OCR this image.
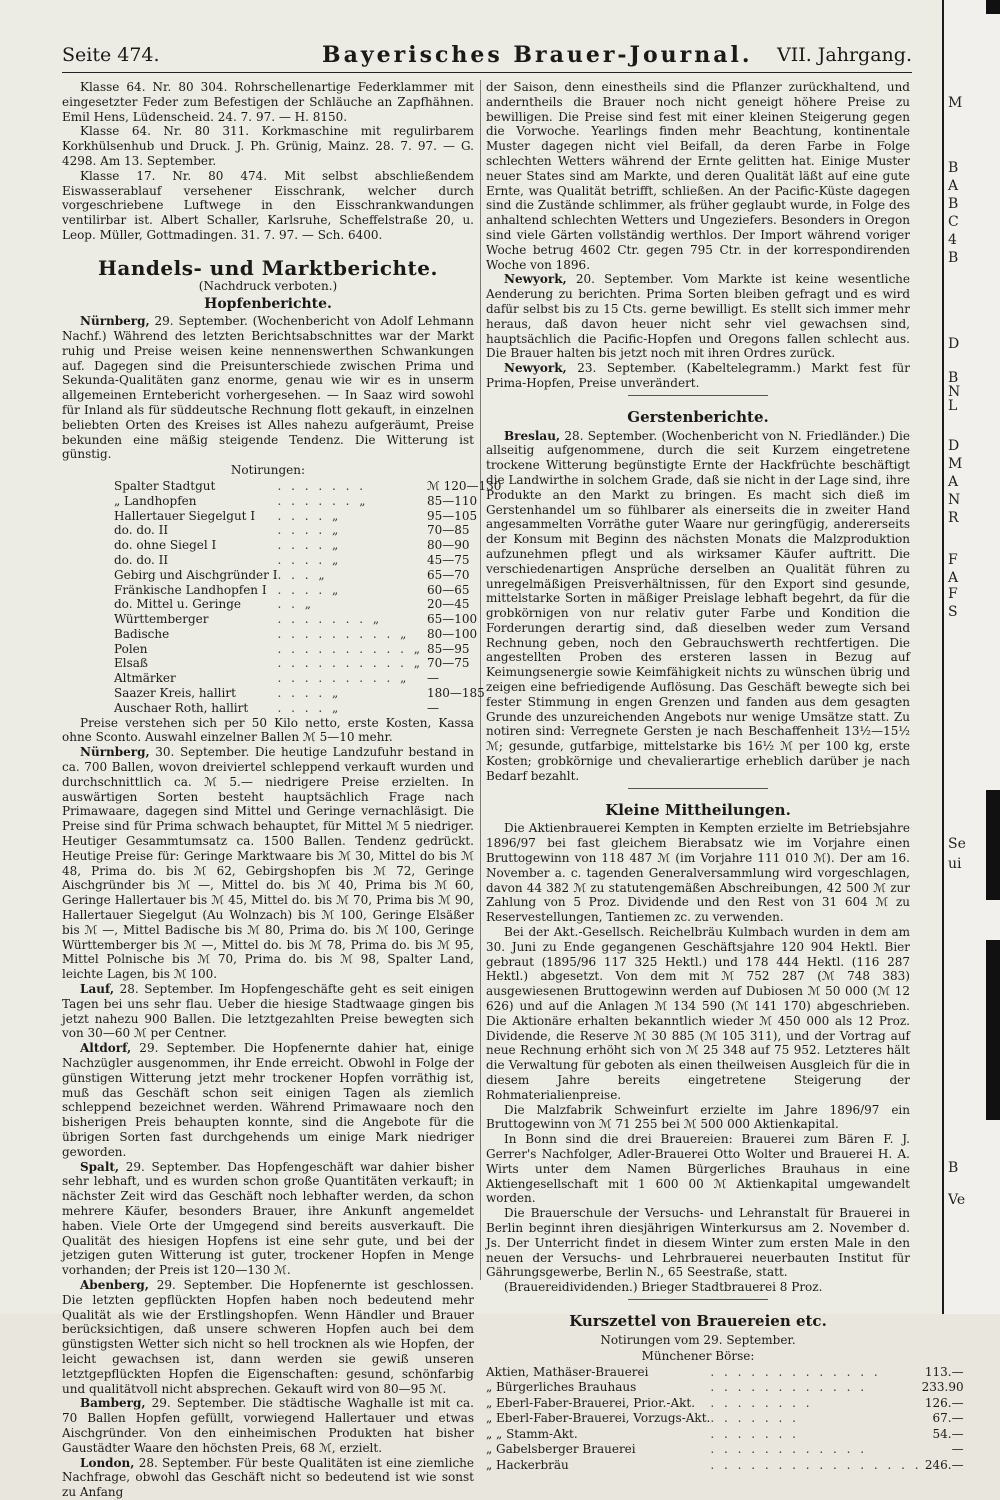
Seite 474.	Bayerisches Brauer-Journal. VII. Jahrgang.

Klasse 64. Nr. 80 304. Rohrschellenartige Federklammer mit eingesetzter Feder zum Befestigen der Schläuche an Zapfhähnen. Emil Hens, Lüdenscheid. 24. 7. 97. — H. 8150.

Klasse 64. Nr. 80 311. Korkmaschine mit regulirbarem Korkhülsenhub und Druck. J. Ph. Grünig, Mainz. 28. 7. 97. — G. 4298. Am 13. September.

Klasse 17. Nr. 80 474. Mit selbst abschließendem Eiswasserablauf versehener Eisschrank, welcher durch vorgeschriebene Luftwege in den Eisschrankwandungen ventilirbar ist. Albert Schaller, Karlsruhe, Scheffelstraße 20, u. Leop. Müller, Gottmadingen. 31. 7. 97. — Sch. 6400.

Handels- und Marktberichte.
(Nachdruck verboten.)
Hopfenberichte.

Nürnberg, 29. September. (Wochenbericht von Adolf Lehmann Nachf.) Während des letzten Berichtsabschnittes war der Markt ruhig und Preise weisen keine nennenswerthen Schwankungen auf. Dagegen sind die Preisunterschiede zwischen Prima und Sekunda-Qualitäten ganz enorme, genau wie wir es in unserm allgemeinen Erntebericht vorhergesehen. — In Saaz wird sowohl für Inland als für süddeutsche Rechnung flott gekauft, in einzelnen beliebten Orten des Kreises ist Alles nahezu aufgeräumt, Preise bekunden eine mäßig steigende Tendenz. Die Witterung ist günstig.

Notirungen:
Spalter Stadtgut	. . . . . . .	ℳ 120—130
„ Landhopfen	. . . . . . „	85—110
Hallertauer Siegelgut I	. . . . „	95—105
do. do. II	. . . . „	70—85
do. ohne Siegel I	. . . . „	80—90
do. do. II	. . . . „	45—75
Gebirg und Aischgründer I	. . . „	65—70
Fränkische Landhopfen I	. . . . „	60—65
do. Mittel u. Geringe	. . „	20—45
Württemberger	. . . . . . . „	65—100
Badische	. . . . . . . . . „	80—100
Polen	. . . . . . . . . . „	85—95
Elsaß	. . . . . . . . . . „	70—75
Altmärker	. . . . . . . . . „	—
Saazer Kreis, hallirt	. . . . „	180—185
Auschaer Roth, hallirt	. . . . „	—

Preise verstehen sich per 50 Kilo netto, erste Kosten, Kassa ohne Sconto. Auswahl einzelner Ballen ℳ 5—10 mehr.

Nürnberg, 30. September. Die heutige Landzufuhr bestand in ca. 700 Ballen, wovon dreiviertel schleppend verkauft wurden und durchschnittlich ca. ℳ 5.— niedrigere Preise erzielten. In auswärtigen Sorten besteht hauptsächlich Frage nach Primawaare, dagegen sind Mittel und Geringe vernachläsigt. Die Preise sind für Prima schwach behauptet, für Mittel ℳ 5 niedriger. Heutiger Gesammtumsatz ca. 1500 Ballen. Tendenz gedrückt. Heutige Preise für: Geringe Marktwaare bis ℳ 30, Mittel do bis ℳ 48, Prima do. bis ℳ 62, Gebirgshopfen bis ℳ 72, Geringe Aischgründer bis ℳ —, Mittel do. bis ℳ 40, Prima bis ℳ 60, Geringe Hallertauer bis ℳ 45, Mittel do. bis ℳ 70, Prima bis ℳ 90, Hallertauer Siegelgut (Au Wolnzach) bis ℳ 100, Geringe Elsäßer bis ℳ —, Mittel Badische bis ℳ 80, Prima do. bis ℳ 100, Geringe Württemberger bis ℳ —, Mittel do. bis ℳ 78, Prima do. bis ℳ 95, Mittel Polnische bis ℳ 70, Prima do. bis ℳ 98, Spalter Land, leichte Lagen, bis ℳ 100.

Lauf, 28. September. Im Hopfengeschäfte geht es seit einigen Tagen bei uns sehr flau. Ueber die hiesige Stadtwaage gingen bis jetzt nahezu 900 Ballen. Die letztgezahlten Preise bewegten sich von 30—60 ℳ per Centner.

Altdorf, 29. September. Die Hopfenernte dahier hat, einige Nachzügler ausgenommen, ihr Ende erreicht. Obwohl in Folge der günstigen Witterung jetzt mehr trockener Hopfen vorräthig ist, muß das Geschäft schon seit einigen Tagen als ziemlich schleppend bezeichnet werden. Während Primawaare noch den bisherigen Preis behaupten konnte, sind die Angebote für die übrigen Sorten fast durchgehends um einige Mark niedriger geworden.

Spalt, 29. September. Das Hopfengeschäft war dahier bisher sehr lebhaft, und es wurden schon große Quantitäten verkauft; in nächster Zeit wird das Geschäft noch lebhafter werden, da schon mehrere Käufer, besonders Brauer, ihre Ankunft angemeldet haben. Viele Orte der Umgegend sind bereits ausverkauft. Die Qualität des hiesigen Hopfens ist eine sehr gute, und bei der jetzigen guten Witterung ist guter, trockener Hopfen in Menge vorhanden; der Preis ist 120—130 ℳ.

Abenberg, 29. September. Die Hopfenernte ist geschlossen. Die letzten gepflückten Hopfen haben noch bedeutend mehr Qualität als wie der Erstlingshopfen. Wenn Händler und Brauer berücksichtigen, daß unsere schweren Hopfen auch bei dem günstigsten Wetter sich nicht so hell trocknen als wie Hopfen, der leicht gewachsen ist, dann werden sie gewiß unseren letztgepflückten Hopfen die Eigenschaften: gesund, schönfarbig und qualitätvoll nicht absprechen. Gekauft wird von 80—95 ℳ.

Bamberg, 29. September. Die städtische Waghalle ist mit ca. 70 Ballen Hopfen gefüllt, vorwiegend Hallertauer und etwas Aischgründer. Von den einheimischen Produkten hat bisher Gaustädter Waare den höchsten Preis, 68 ℳ, erzielt.

London, 28. September. Für beste Qualitäten ist eine ziemliche Nachfrage, obwohl das Geschäft nicht so bedeutend ist wie sonst zu Anfang

der Saison, denn einestheils sind die Pflanzer zurückhaltend, und anderntheils die Brauer noch nicht geneigt höhere Preise zu bewilligen. Die Preise sind fest mit einer kleinen Steigerung gegen die Vorwoche. Yearlings finden mehr Beachtung, kontinentale Muster dagegen nicht viel Beifall, da deren Farbe in Folge schlechten Wetters während der Ernte gelitten hat. Einige Muster neuer States sind am Markte, und deren Qualität läßt auf eine gute Ernte, was Qualität betrifft, schließen. An der Pacific-Küste dagegen sind die Zustände schlimmer, als früher geglaubt wurde, in Folge des anhaltend schlechten Wetters und Ungeziefers. Besonders in Oregon sind viele Gärten vollständig werthlos. Der Import während voriger Woche betrug 4602 Ctr. gegen 795 Ctr. in der korrespondirenden Woche von 1896.

Newyork, 20. September. Vom Markte ist keine wesentliche Aenderung zu berichten. Prima Sorten bleiben gefragt und es wird dafür selbst bis zu 15 Cts. gerne bewilligt. Es stellt sich immer mehr heraus, daß davon heuer nicht sehr viel gewachsen sind, hauptsächlich die Pacific-Hopfen und Oregons fallen schlecht aus. Die Brauer halten bis jetzt noch mit ihren Ordres zurück.

Newyork, 23. September. (Kabeltelegramm.) Markt fest für Prima-Hopfen, Preise unverändert.

Gerstenberichte.

Breslau, 28. September. (Wochenbericht von N. Friedländer.) Die allseitig aufgenommene, durch die seit Kurzem eingetretene trockene Witterung begünstigte Ernte der Hackfrüchte beschäftigt die Landwirthe in solchem Grade, daß sie nicht in der Lage sind, ihre Produkte an den Markt zu bringen. Es macht sich dieß im Gerstenhandel um so fühlbarer als einerseits die in zweiter Hand angesammelten Vorräthe guter Waare nur geringfügig, andererseits der Konsum mit Beginn des nächsten Monats die Malzproduktion aufzunehmen pflegt und als wirksamer Käufer auftritt. Die verschiedenartigen Ansprüche derselben an Qualität führen zu unregelmäßigen Preisverhältnissen, für den Export sind gesunde, mittelstarke Sorten in mäßiger Preislage lebhaft begehrt, da für die grobkörnigen von nur relativ guter Farbe und Kondition die Forderungen derartig sind, daß dieselben weder zum Versand Rechnung geben, noch den Gebrauchswerth rechtfertigen. Die angestellten Proben des ersteren lassen in Bezug auf Keimungsenergie sowie Keimfähigkeit nichts zu wünschen übrig und zeigen eine befriedigende Auflösung. Das Geschäft bewegte sich bei fester Stimmung in engen Grenzen und fanden aus dem gesagten Grunde des unzureichenden Angebots nur wenige Umsätze statt. Zu notiren sind: Verregnete Gersten je nach Beschaffenheit 13½—15½ ℳ; gesunde, gutfarbige, mittelstarke bis 16½ ℳ per 100 kg, erste Kosten; grobkörnige und chevalierartige erheblich darüber je nach Bedarf bezahlt.

Kleine Mittheilungen.

Die Aktienbrauerei Kempten in Kempten erzielte im Betriebsjahre 1896/97 bei fast gleichem Bierabsatz wie im Vorjahre einen Bruttogewinn von 118 487 ℳ (im Vorjahre 111 010 ℳ). Der am 16. November a. c. tagenden Generalversammlung wird vorgeschlagen, davon 44 382 ℳ zu statutengemäßen Abschreibungen, 42 500 ℳ zur Zahlung von 5 Proz. Dividende und den Rest von 31 604 ℳ zu Reservestellungen, Tantiemen zc. zu verwenden.

Bei der Akt.-Gesellsch. Reichelbräu Kulmbach wurden in dem am 30. Juni zu Ende gegangenen Geschäftsjahre 120 904 Hektl. Bier gebraut (1895/96 117 325 Hektl.) und 178 444 Hektl. (116 287 Hektl.) abgesetzt. Von dem mit ℳ 752 287 (ℳ 748 383) ausgewiesenen Bruttogewinn werden auf Dubiosen ℳ 50 000 (ℳ 12 626) und auf die Anlagen ℳ 134 590 (ℳ 141 170) abgeschrieben. Die Aktionäre erhalten bekanntlich wieder ℳ 450 000 als 12 Proz. Dividende, die Reserve ℳ 30 885 (ℳ 105 311), und der Vortrag auf neue Rechnung erhöht sich von ℳ 25 348 auf 75 952. Letzteres hält die Verwaltung für geboten als einen theilweisen Ausgleich für die in diesem Jahre bereits eingetretene Steigerung der Rohmaterialienpreise.

Die Malzfabrik Schweinfurt erzielte im Jahre 1896/97 ein Bruttogewinn von ℳ 71 255 bei ℳ 500 000 Aktienkapital.

In Bonn sind die drei Brauereien: Brauerei zum Bären F. J. Gerrer's Nachfolger, Adler-Brauerei Otto Wolter und Brauerei H. A. Wirts unter dem Namen Bürgerliches Brauhaus in eine Aktiengesellschaft mit 1 600 00 ℳ Aktienkapital umgewandelt worden.

Die Brauerschule der Versuchs- und Lehranstalt für Brauerei in Berlin beginnt ihren diesjährigen Winterkursus am 2. November d. Js. Der Unterricht findet in diesem Winter zum ersten Male in den neuen der Versuchs- und Lehrbrauerei neuerbauten Institut für Gährungsgewerbe, Berlin N., 65 Seestraße, statt.

(Brauereidividenden.) Brieger Stadtbrauerei 8 Proz.

Kurszettel von Brauereien etc.
Notirungen vom 29. September.
Münchener Börse:
Aktien, Mathäser-Brauerei	. . . . . . . . . . . . .	113.—
„ Bürgerliches Brauhaus	. . . . . . . . . . . .	233.90
„ Eberl-Faber-Brauerei, Prior.-Akt.	. . . . . . . .	126.—
„ Eberl-Faber-Brauerei, Vorzugs-Akt.	. . . . . . .	67.—
„ „ Stamm-Akt.	. . . . . . .	54.—
„ Gabelsberger Brauerei	. . . . . . . . . . . .	—
„ Hackerbräu	. . . . . . . . . . . . . . . .	246.—
M
B
A
B
C
4
B
D
B
N
L
D
M
A
N
R
F
A
F
S
Se
ui
B
Ve
